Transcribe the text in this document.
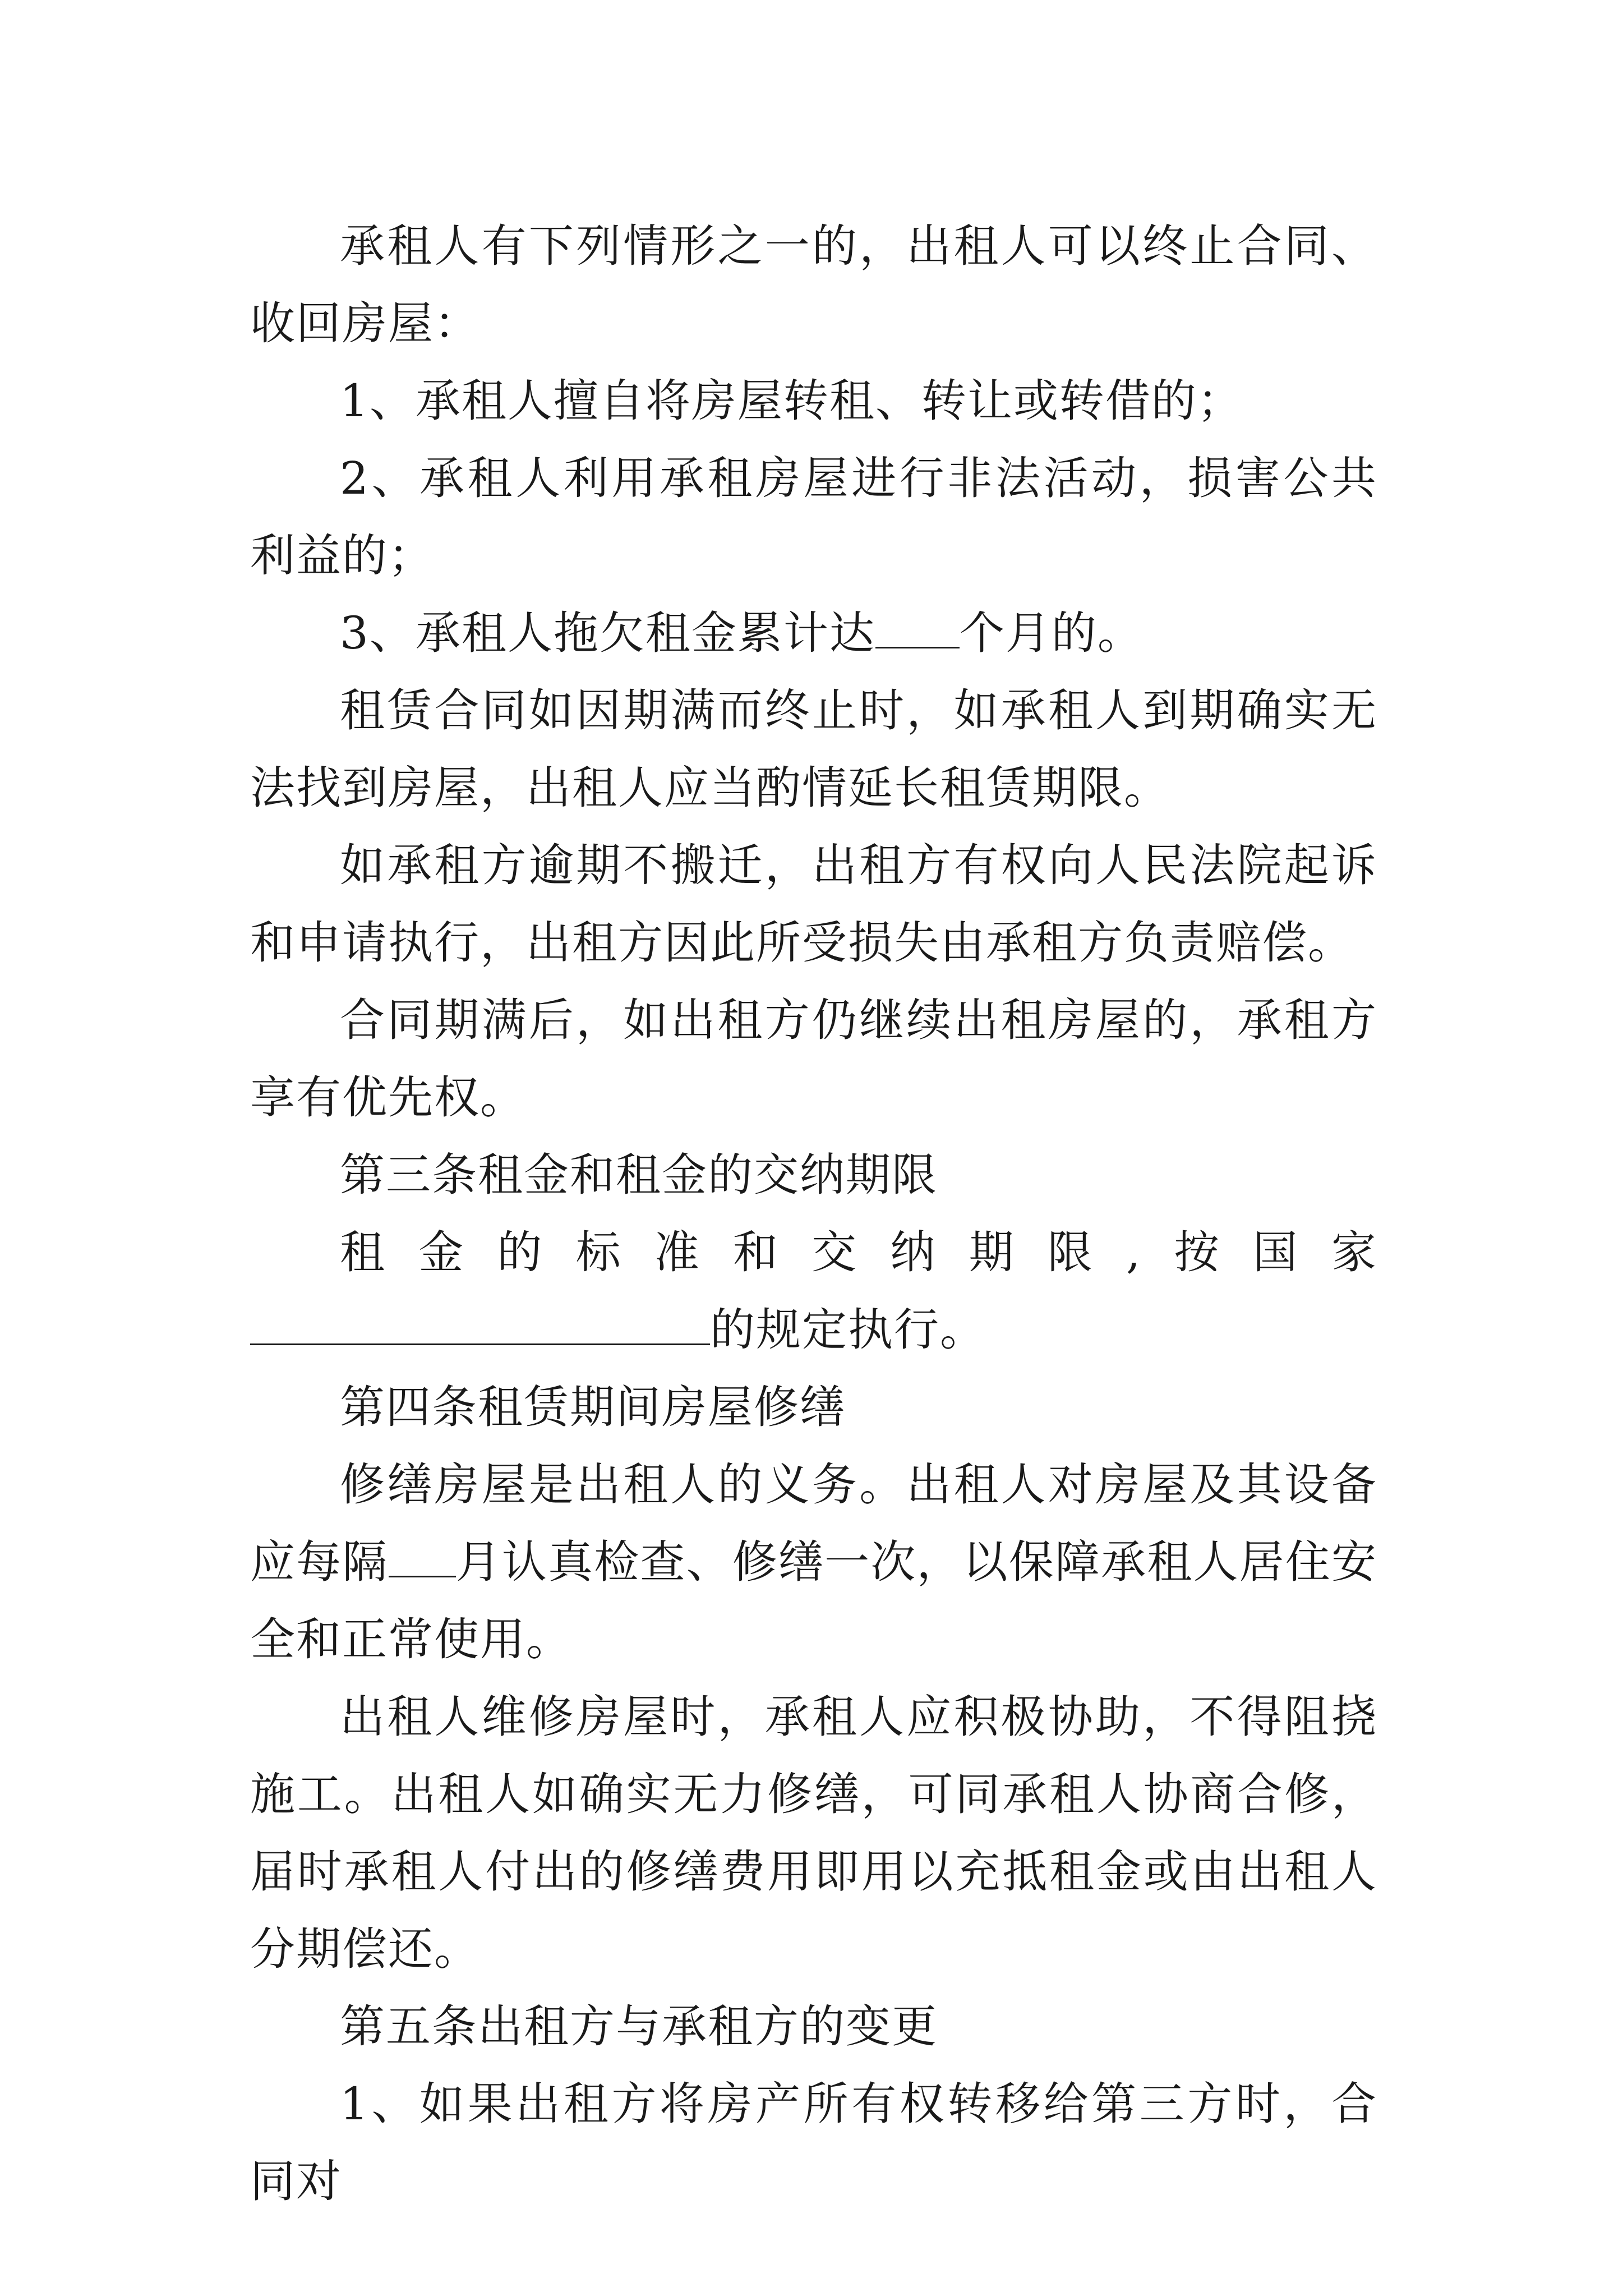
承租人有下列情形之一的，出租人可以终止合同、收回房屋：

1、承租人擅自将房屋转租、转让或转借的；

2、承租人利用承租房屋进行非法活动，损害公共利益的；

3、承租人拖欠租金累计达 个月的。

租赁合同如因期满而终止时，如承租人到期确实无法找到房屋，出租人应当酌情延长租赁期限。

如承租方逾期不搬迁，出租方有权向人民法院起诉和申请执行，出租方因此所受损失由承租方负责赔偿。

合同期满后，如出租方仍继续出租房屋的，承租方享有优先权。

第三条租金和租金的交纳期限

租金的标准和交纳期限,按国家的规定执行。

第四条租赁期间房屋修缮

修缮房屋是出租人的义务。出租人对房屋及其设备应每隔 月认真检查、修缮一次，以保障承租人居住安全和正常使用。

出租人维修房屋时，承租人应积极协助，不得阻挠施工。出租人如确实无力修缮，可同承租人协商合修，届时承租人付出的修缮费用即用以充抵租金或由出租人分期偿还。

第五条出租方与承租方的变更

1、如果出租方将房产所有权转移给第三方时，合同对
